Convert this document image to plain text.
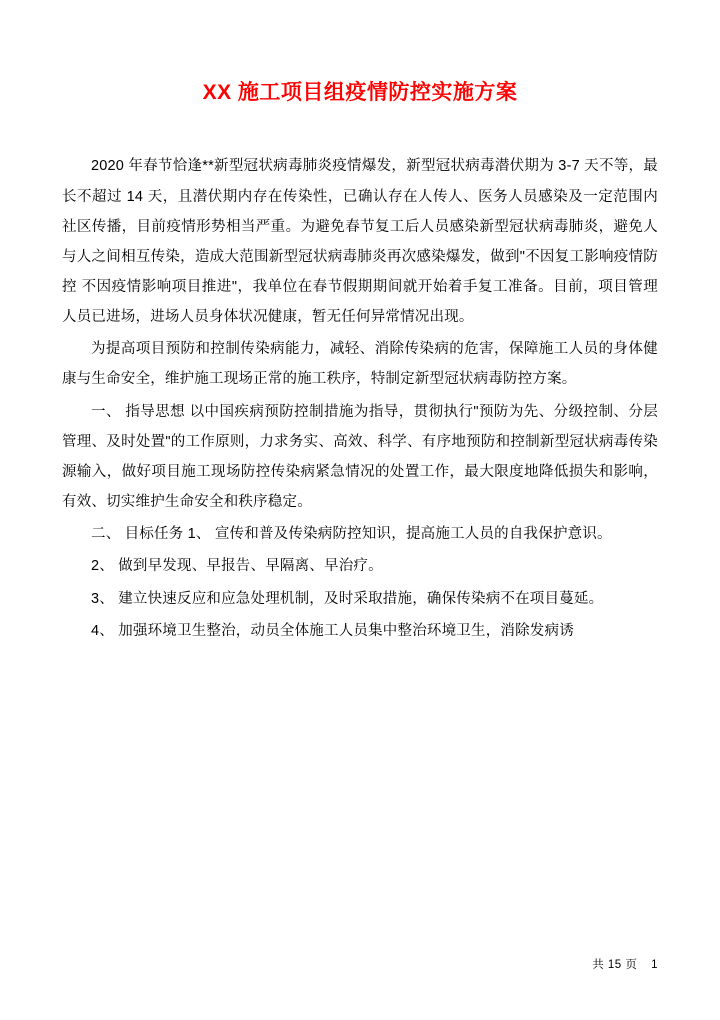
XX 施工项目组疫情防控实施方案

2020 年春节恰逢**新型冠状病毒肺炎疫情爆发，新型冠状病毒潜伏期为 3-7 天不等，最长不超过 14 天，且潜伏期内存在传染性，已确认存在人传人、医务人员感染及一定范围内社区传播，目前疫情形势相当严重。为避免春节复工后人员感染新型冠状病毒肺炎，避免人与人之间相互传染，造成大范围新型冠状病毒肺炎再次感染爆发，做到"不因复工影响疫情防控 不因疫情影响项目推进"，我单位在春节假期期间就开始着手复工准备。目前，项目管理人员已进场，进场人员身体状况健康，暂无任何异常情况出现。

为提高项目预防和控制传染病能力，减轻、消除传染病的危害，保障施工人员的身体健康与生命安全，维护施工现场正常的施工秩序，特制定新型冠状病毒防控方案。

一、 指导思想 以中国疾病预防控制措施为指导，贯彻执行"预防为先、分级控制、分层管理、及时处置"的工作原则，力求务实、高效、科学、有序地预防和控制新型冠状病毒传染源输入，做好项目施工现场防控传染病紧急情况的处置工作，最大限度地降低损失和影响，有效、切实维护生命安全和秩序稳定。

二、 目标任务 1、 宣传和普及传染病防控知识，提高施工人员的自我保护意识。

2、 做到早发现、早报告、早隔离、早治疗。

3、 建立快速反应和应急处理机制，及时采取措施，确保传染病不在项目蔓延。

4、 加强环境卫生整治，动员全体施工人员集中整治环境卫生，消除发病诱

共 15 页 1
